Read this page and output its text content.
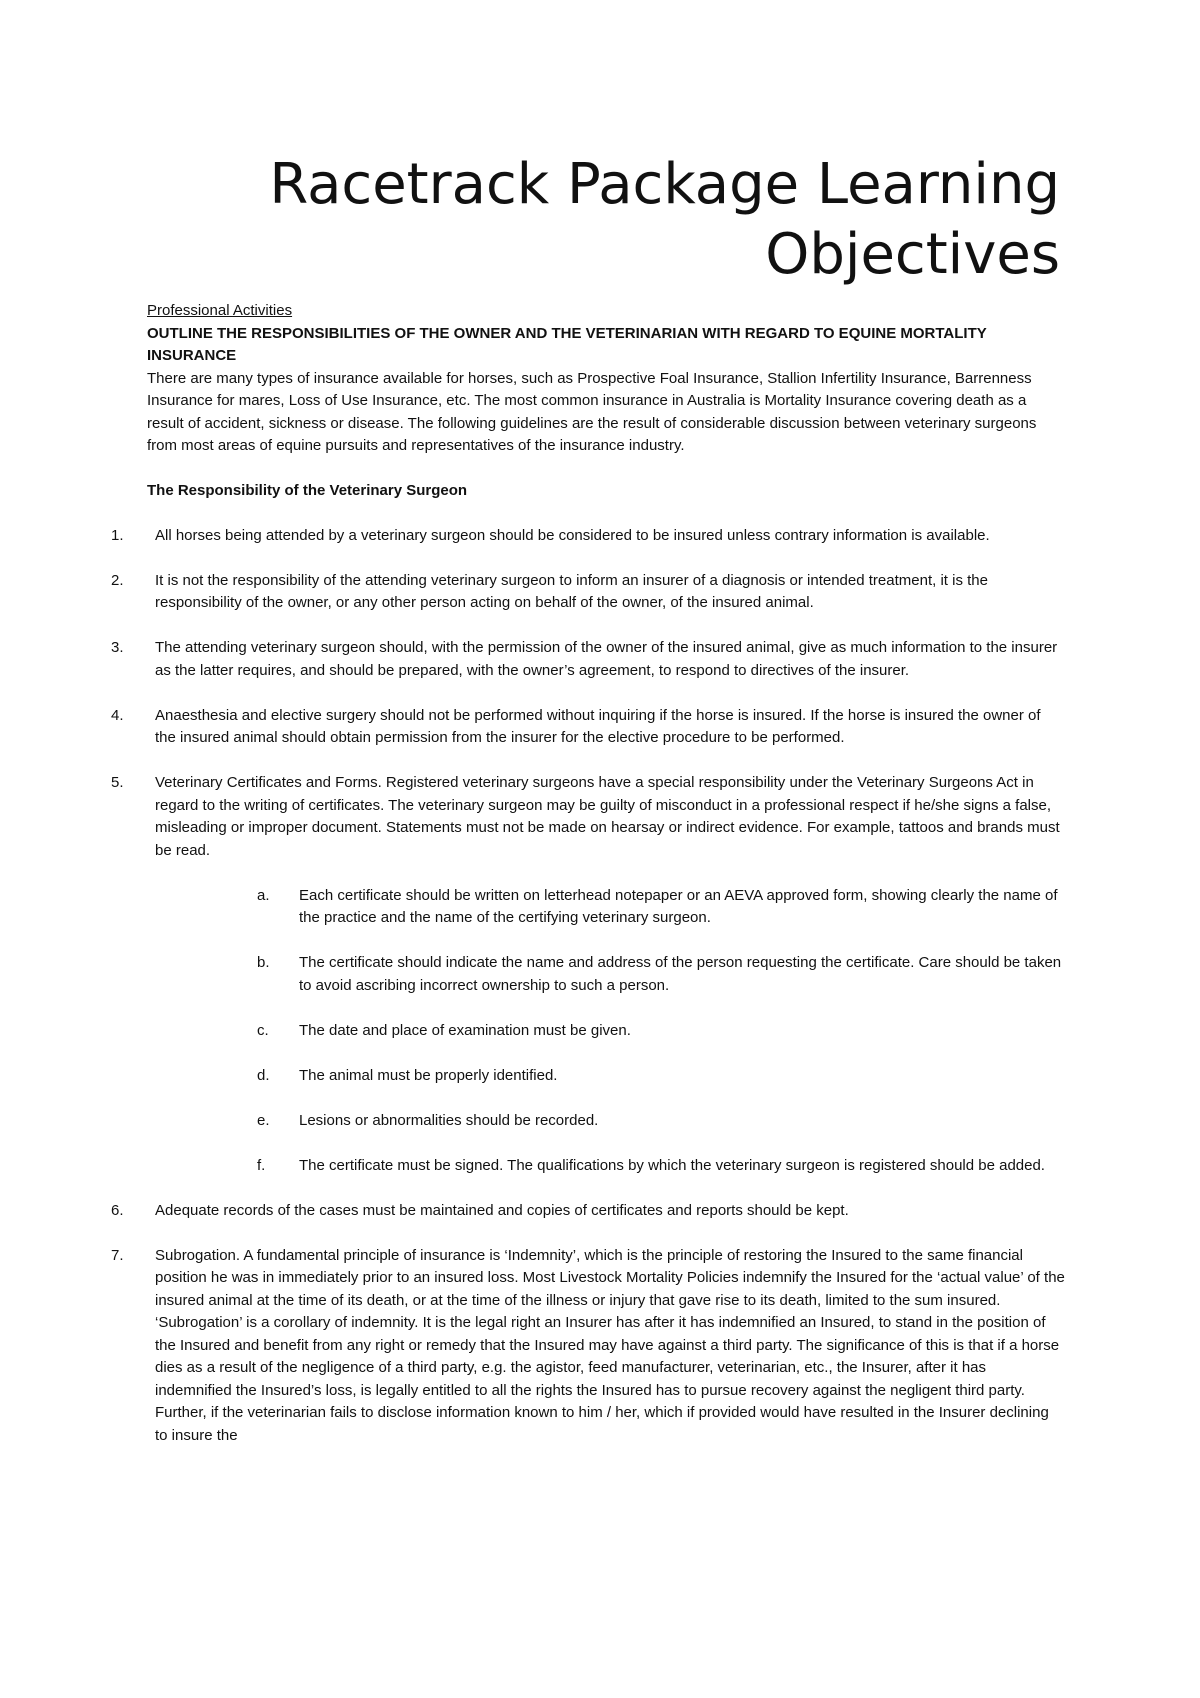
Racetrack Package Learning Objectives

Professional Activities

OUTLINE THE RESPONSIBILITIES OF THE OWNER AND THE VETERINARIAN WITH REGARD TO EQUINE MORTALITY INSURANCE

There are many types of insurance available for horses, such as Prospective Foal Insurance, Stallion Infertility Insurance, Barrenness Insurance for mares, Loss of Use Insurance, etc. The most common insurance in Australia is Mortality Insurance covering death as a result of accident, sickness or disease. The following guidelines are the result of considerable discussion between veterinary surgeons from most areas of equine pursuits and representatives of the insurance industry.

The Responsibility of the Veterinary Surgeon

1.	All horses being attended by a veterinary surgeon should be considered to be insured unless contrary information is available.
2.	It is not the responsibility of the attending veterinary surgeon to inform an insurer of a diagnosis or intended treatment, it is the responsibility of the owner, or any other person acting on behalf of the owner, of the insured animal.
3.	The attending veterinary surgeon should, with the permission of the owner of the insured animal, give as much information to the insurer as the latter requires, and should be prepared, with the owner’s agreement, to respond to directives of the insurer.
4.	Anaesthesia and elective surgery should not be performed without inquiring if the horse is insured. If the horse is insured the owner of the insured animal should obtain permission from the insurer for the elective procedure to be performed.
5.	Veterinary Certificates and Forms. Registered veterinary surgeons have a special responsibility under the Veterinary Surgeons Act in regard to the writing of certificates. The veterinary surgeon may be guilty of misconduct in a professional respect if he/she signs a false, misleading or improper document. Statements must not be made on hearsay or indirect evidence. For example, tattoos and brands must be read.
a.	Each certificate should be written on letterhead notepaper or an AEVA approved form, showing clearly the name of the practice and the name of the certifying veterinary surgeon.
b.	The certificate should indicate the name and address of the person requesting the certificate. Care should be taken to avoid ascribing incorrect ownership to such a person.
c.	The date and place of examination must be given.
d.	The animal must be properly identified.
e.	Lesions or abnormalities should be recorded.
f.	The certificate must be signed. The qualifications by which the veterinary surgeon is registered should be added.
6.	Adequate records of the cases must be maintained and copies of certificates and reports should be kept.
7.	Subrogation. A fundamental principle of insurance is ‘Indemnity’, which is the principle of restoring the Insured to the same financial position he was in immediately prior to an insured loss. Most Livestock Mortality Policies indemnify the Insured for the ‘actual value’ of the insured animal at the time of its death, or at the time of the illness or injury that gave rise to its death, limited to the sum insured. ‘Subrogation’ is a corollary of indemnity. It is the legal right an Insurer has after it has indemnified an Insured, to stand in the position of the Insured and benefit from any right or remedy that the Insured may have against a third party. The significance of this is that if a horse dies as a result of the negligence of a third party, e.g. the agistor, feed manufacturer, veterinarian, etc., the Insurer, after it has indemnified the Insured’s loss, is legally entitled to all the rights the Insured has to pursue recovery against the negligent third party. Further, if the veterinarian fails to disclose information known to him / her, which if provided would have resulted in the Insurer declining to insure the
